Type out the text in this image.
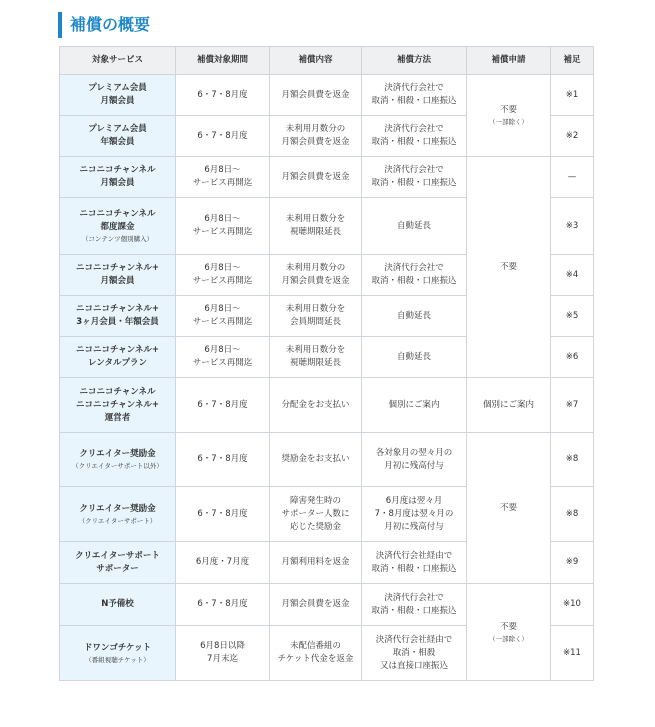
補償の概要
対象サービス	補償対象期間	補償内容	補償方法	補償申請	補足
プレミアム会員
月額会員	6・7・8月度	月額会員費を返金	決済代行会社で
取消・相殺・口座振込	不要
（一部除く）	※1
プレミアム会員
年額会員	6・7・8月度	未利用月数分の
月額会員費を返金	決済代行会社で
取消・相殺・口座振込		※2
ニコニコチャンネル
月額会員	6月8日～
サービス再開迄	月額会員費を返金	決済代行会社で
取消・相殺・口座振込	不要	—
ニコニコチャンネル
都度課金
（コンテンツ個別購入）	6月8日～
サービス再開迄	未利用日数分を
視聴期限延長	自動延長		※3
ニコニコチャンネル+
月額会員	6月8日～
サービス再開迄	未利用月数分の
月額会員費を返金	決済代行会社で
取消・相殺・口座振込		※4
ニコニコチャンネル+
3ヶ月会員・年額会員	6月8日～
サービス再開迄	未利用日数分を
会員期間延長	自動延長		※5
ニコニコチャンネル+
レンタルプラン	6月8日～
サービス再開迄	未利用日数分を
視聴期限延長	自動延長		※6
ニコニコチャンネル
ニコニコチャンネル+
運営者	6・7・8月度	分配金をお支払い	個別にご案内	個別にご案内	※7
クリエイター奨励金
（クリエイターサポート以外）	6・7・8月度	奨励金をお支払い	各対象月の翌々月の
月初に残高付与	不要	※8
クリエイター奨励金
（クリエイターサポート）	6・7・8月度	障害発生時の
サポーター人数に
応じた奨励金	6月度は翌々月
7・8月度は翌々月の
月初に残高付与		※8
クリエイターサポート
サポーター	6月度・7月度	月額利用料を返金	決済代行会社経由で
取消・相殺・口座振込		※9
N予備校	6・7・8月度	月額会員費を返金	決済代行会社で
取消・相殺・口座振込	不要
（一部除く）	※10
ドワンゴチケット
（番組視聴チケット）	6月8日以降
7月末迄	未配信番組の
チケット代金を返金	決済代行会社経由で
取消・相殺
又は直接口座振込		※11
